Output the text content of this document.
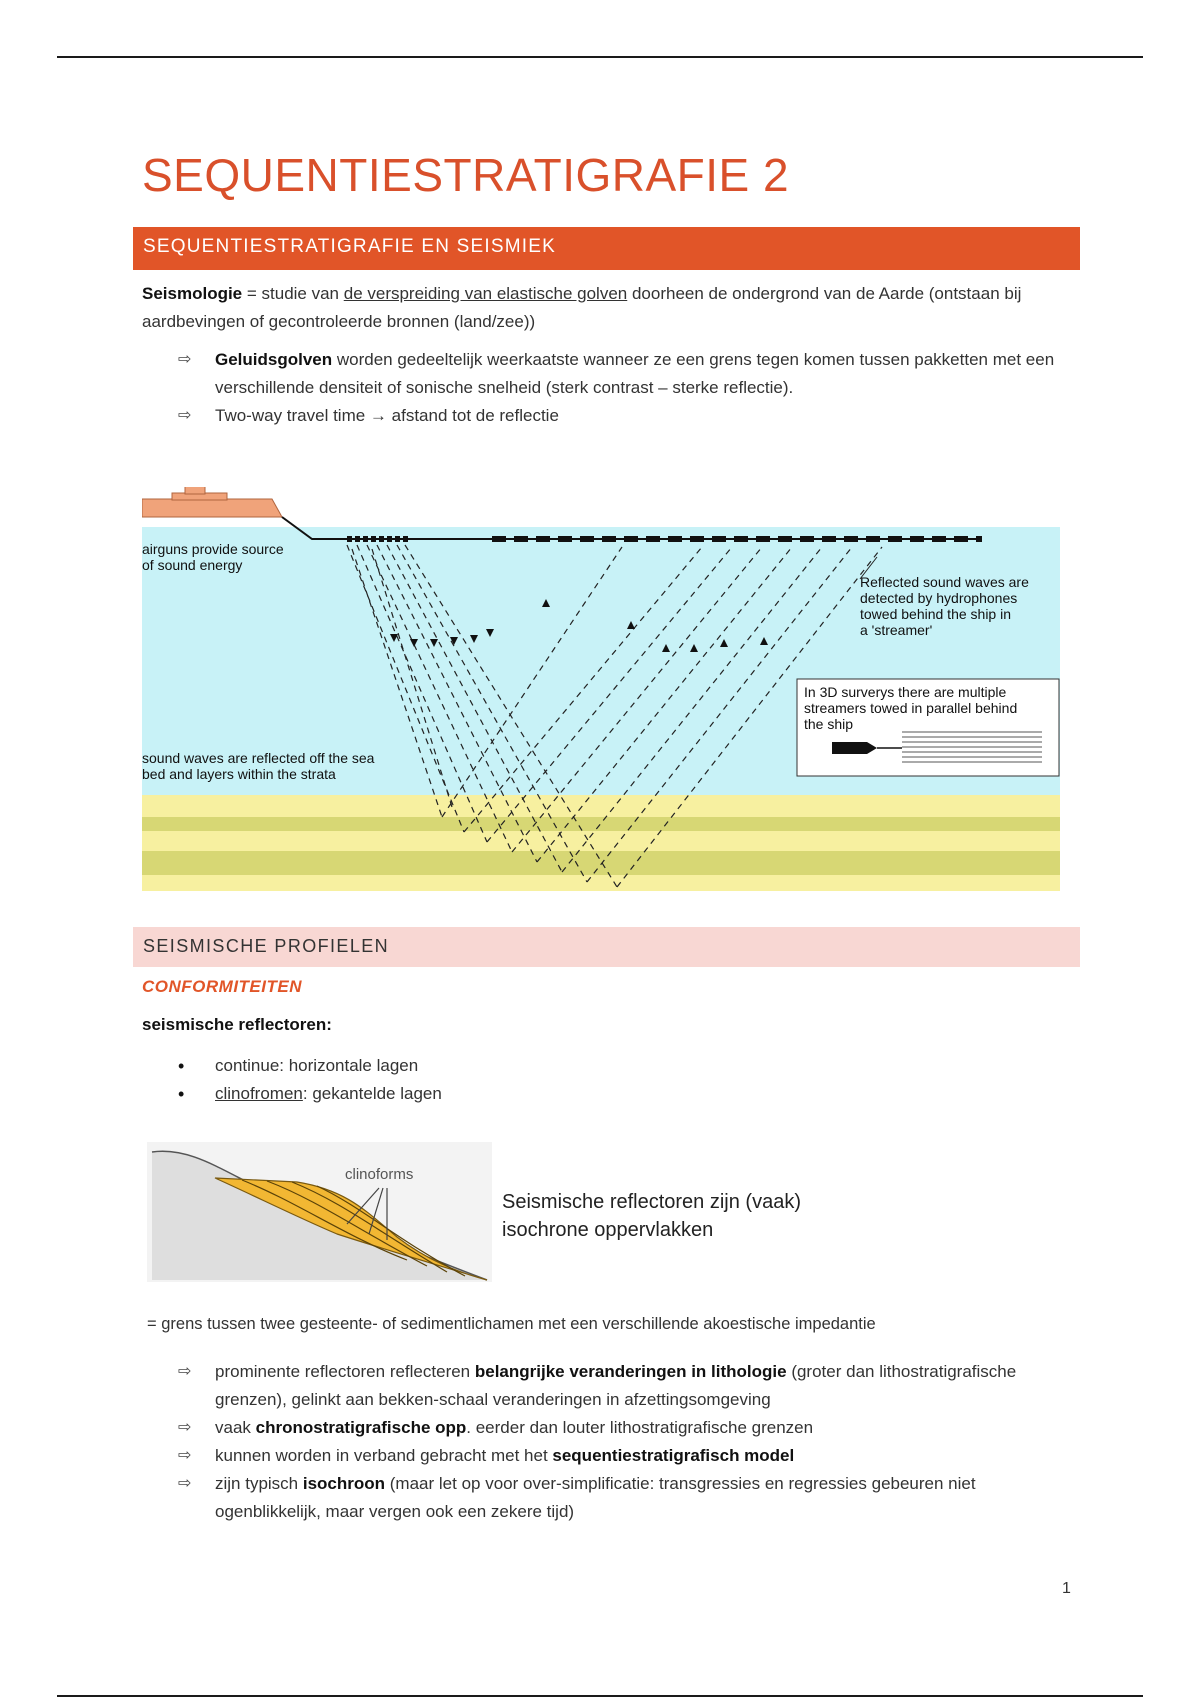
SEQUENTIESTRATIGRAFIE 2
SEQUENTIESTRATIGRAFIE EN SEISMIEK
Seismologie = studie van de verspreiding van elastische golven doorheen de ondergrond van de Aarde (ontstaan bij aardbevingen of gecontroleerde bronnen (land/zee))
⇨ Geluidsgolven worden gedeeltelijk weerkaatste wanneer ze een grens tegen komen tussen pakketten met een verschillende densiteit of sonische snelheid (sterk contrast – sterke reflectie).
⇨ Two-way travel time → afstand tot de reflectie
airguns provide source
of sound energy
Reflected sound waves are
detected by hydrophones
towed behind the ship in
a 'streamer'
sound waves are reflected off the sea
bed and layers within the strata
In 3D surverys there are multiple
streamers towed in parallel behind
the ship
SEISMISCHE PROFIELEN
CONFORMITEITEN
seismische reflectoren:
• continue: horizontale lagen
• clinofromen: gekantelde lagen
clinoforms
Seismische reflectoren zijn (vaak)
isochrone oppervlakken
= grens tussen twee gesteente- of sedimentlichamen met een verschillende akoestische impedantie
⇨ prominente reflectoren reflecteren belangrijke veranderingen in lithologie (groter dan lithostratigrafische grenzen), gelinkt aan bekken-schaal veranderingen in afzettingsomgeving
⇨ vaak chronostratigrafische opp. eerder dan louter lithostratigrafische grenzen
⇨ kunnen worden in verband gebracht met het sequentiestratigrafisch model
⇨ zijn typisch isochroon (maar let op voor over-simplificatie: transgressies en regressies gebeuren niet ogenblikkelijk, maar vergen ook een zekere tijd)
1
